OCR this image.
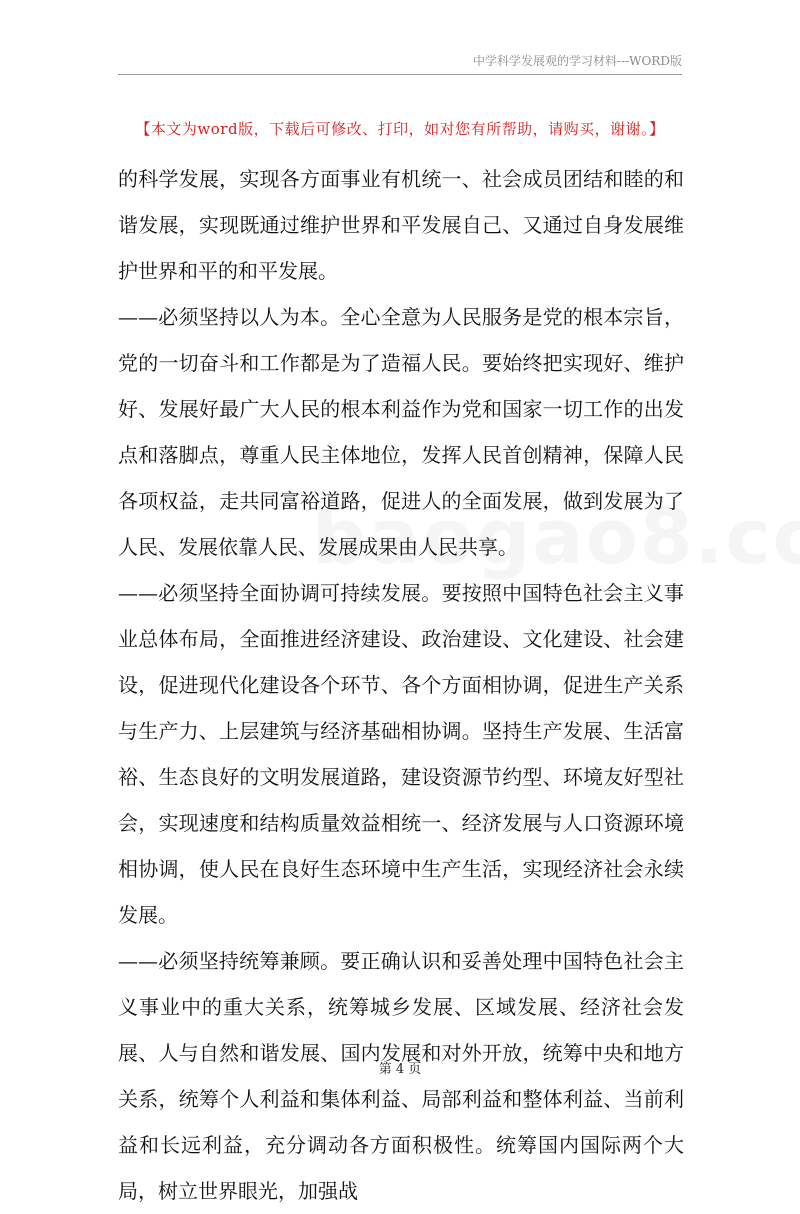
中学科学发展观的学习材料---WORD版
【本文为word版，下载后可修改、打印，如对您有所帮助，请购买，谢谢。】

的科学发展，实现各方面事业有机统一、社会成员团结和睦的和谐发展，实现既通过维护世界和平发展自己、又通过自身发展维护世界和平的和平发展。

——必须坚持以人为本。全心全意为人民服务是党的根本宗旨，党的一切奋斗和工作都是为了造福人民。要始终把实现好、维护好、发展好最广大人民的根本利益作为党和国家一切工作的出发点和落脚点，尊重人民主体地位，发挥人民首创精神，保障人民各项权益，走共同富裕道路，促进人的全面发展，做到发展为了人民、发展依靠人民、发展成果由人民共享。

——必须坚持全面协调可持续发展。要按照中国特色社会主义事业总体布局，全面推进经济建设、政治建设、文化建设、社会建设，促进现代化建设各个环节、各个方面相协调，促进生产关系与生产力、上层建筑与经济基础相协调。坚持生产发展、生活富裕、生态良好的文明发展道路，建设资源节约型、环境友好型社会，实现速度和结构质量效益相统一、经济发展与人口资源环境相协调，使人民在良好生态环境中生产生活，实现经济社会永续发展。

——必须坚持统筹兼顾。要正确认识和妥善处理中国特色社会主义事业中的重大关系，统筹城乡发展、区域发展、经济社会发展、人与自然和谐发展、国内发展和对外开放，统筹中央和地方关系，统筹个人利益和集体利益、局部利益和整体利益、当前利益和长远利益，充分调动各方面积极性。统筹国内国际两个大局，树立世界眼光，加强战

第 4 页
